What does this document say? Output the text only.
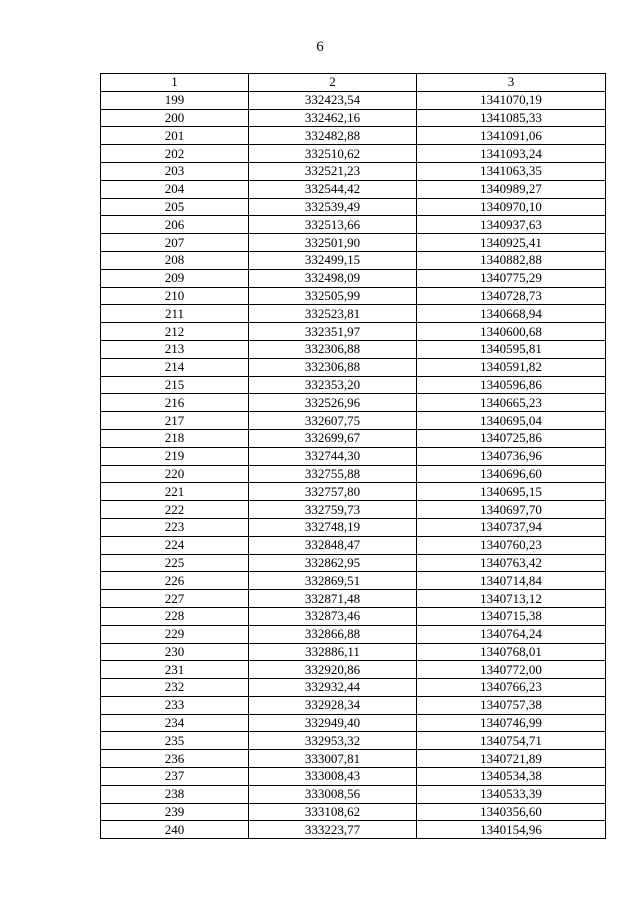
6
1	2	3
199	332423,54	1341070,19
200	332462,16	1341085,33
201	332482,88	1341091,06
202	332510,62	1341093,24
203	332521,23	1341063,35
204	332544,42	1340989,27
205	332539,49	1340970,10
206	332513,66	1340937,63
207	332501,90	1340925,41
208	332499,15	1340882,88
209	332498,09	1340775,29
210	332505,99	1340728,73
211	332523,81	1340668,94
212	332351,97	1340600,68
213	332306,88	1340595,81
214	332306,88	1340591,82
215	332353,20	1340596,86
216	332526,96	1340665,23
217	332607,75	1340695,04
218	332699,67	1340725,86
219	332744,30	1340736,96
220	332755,88	1340696,60
221	332757,80	1340695,15
222	332759,73	1340697,70
223	332748,19	1340737,94
224	332848,47	1340760,23
225	332862,95	1340763,42
226	332869,51	1340714,84
227	332871,48	1340713,12
228	332873,46	1340715,38
229	332866,88	1340764,24
230	332886,11	1340768,01
231	332920,86	1340772,00
232	332932,44	1340766,23
233	332928,34	1340757,38
234	332949,40	1340746,99
235	332953,32	1340754,71
236	333007,81	1340721,89
237	333008,43	1340534,38
238	333008,56	1340533,39
239	333108,62	1340356,60
240	333223,77	1340154,96
